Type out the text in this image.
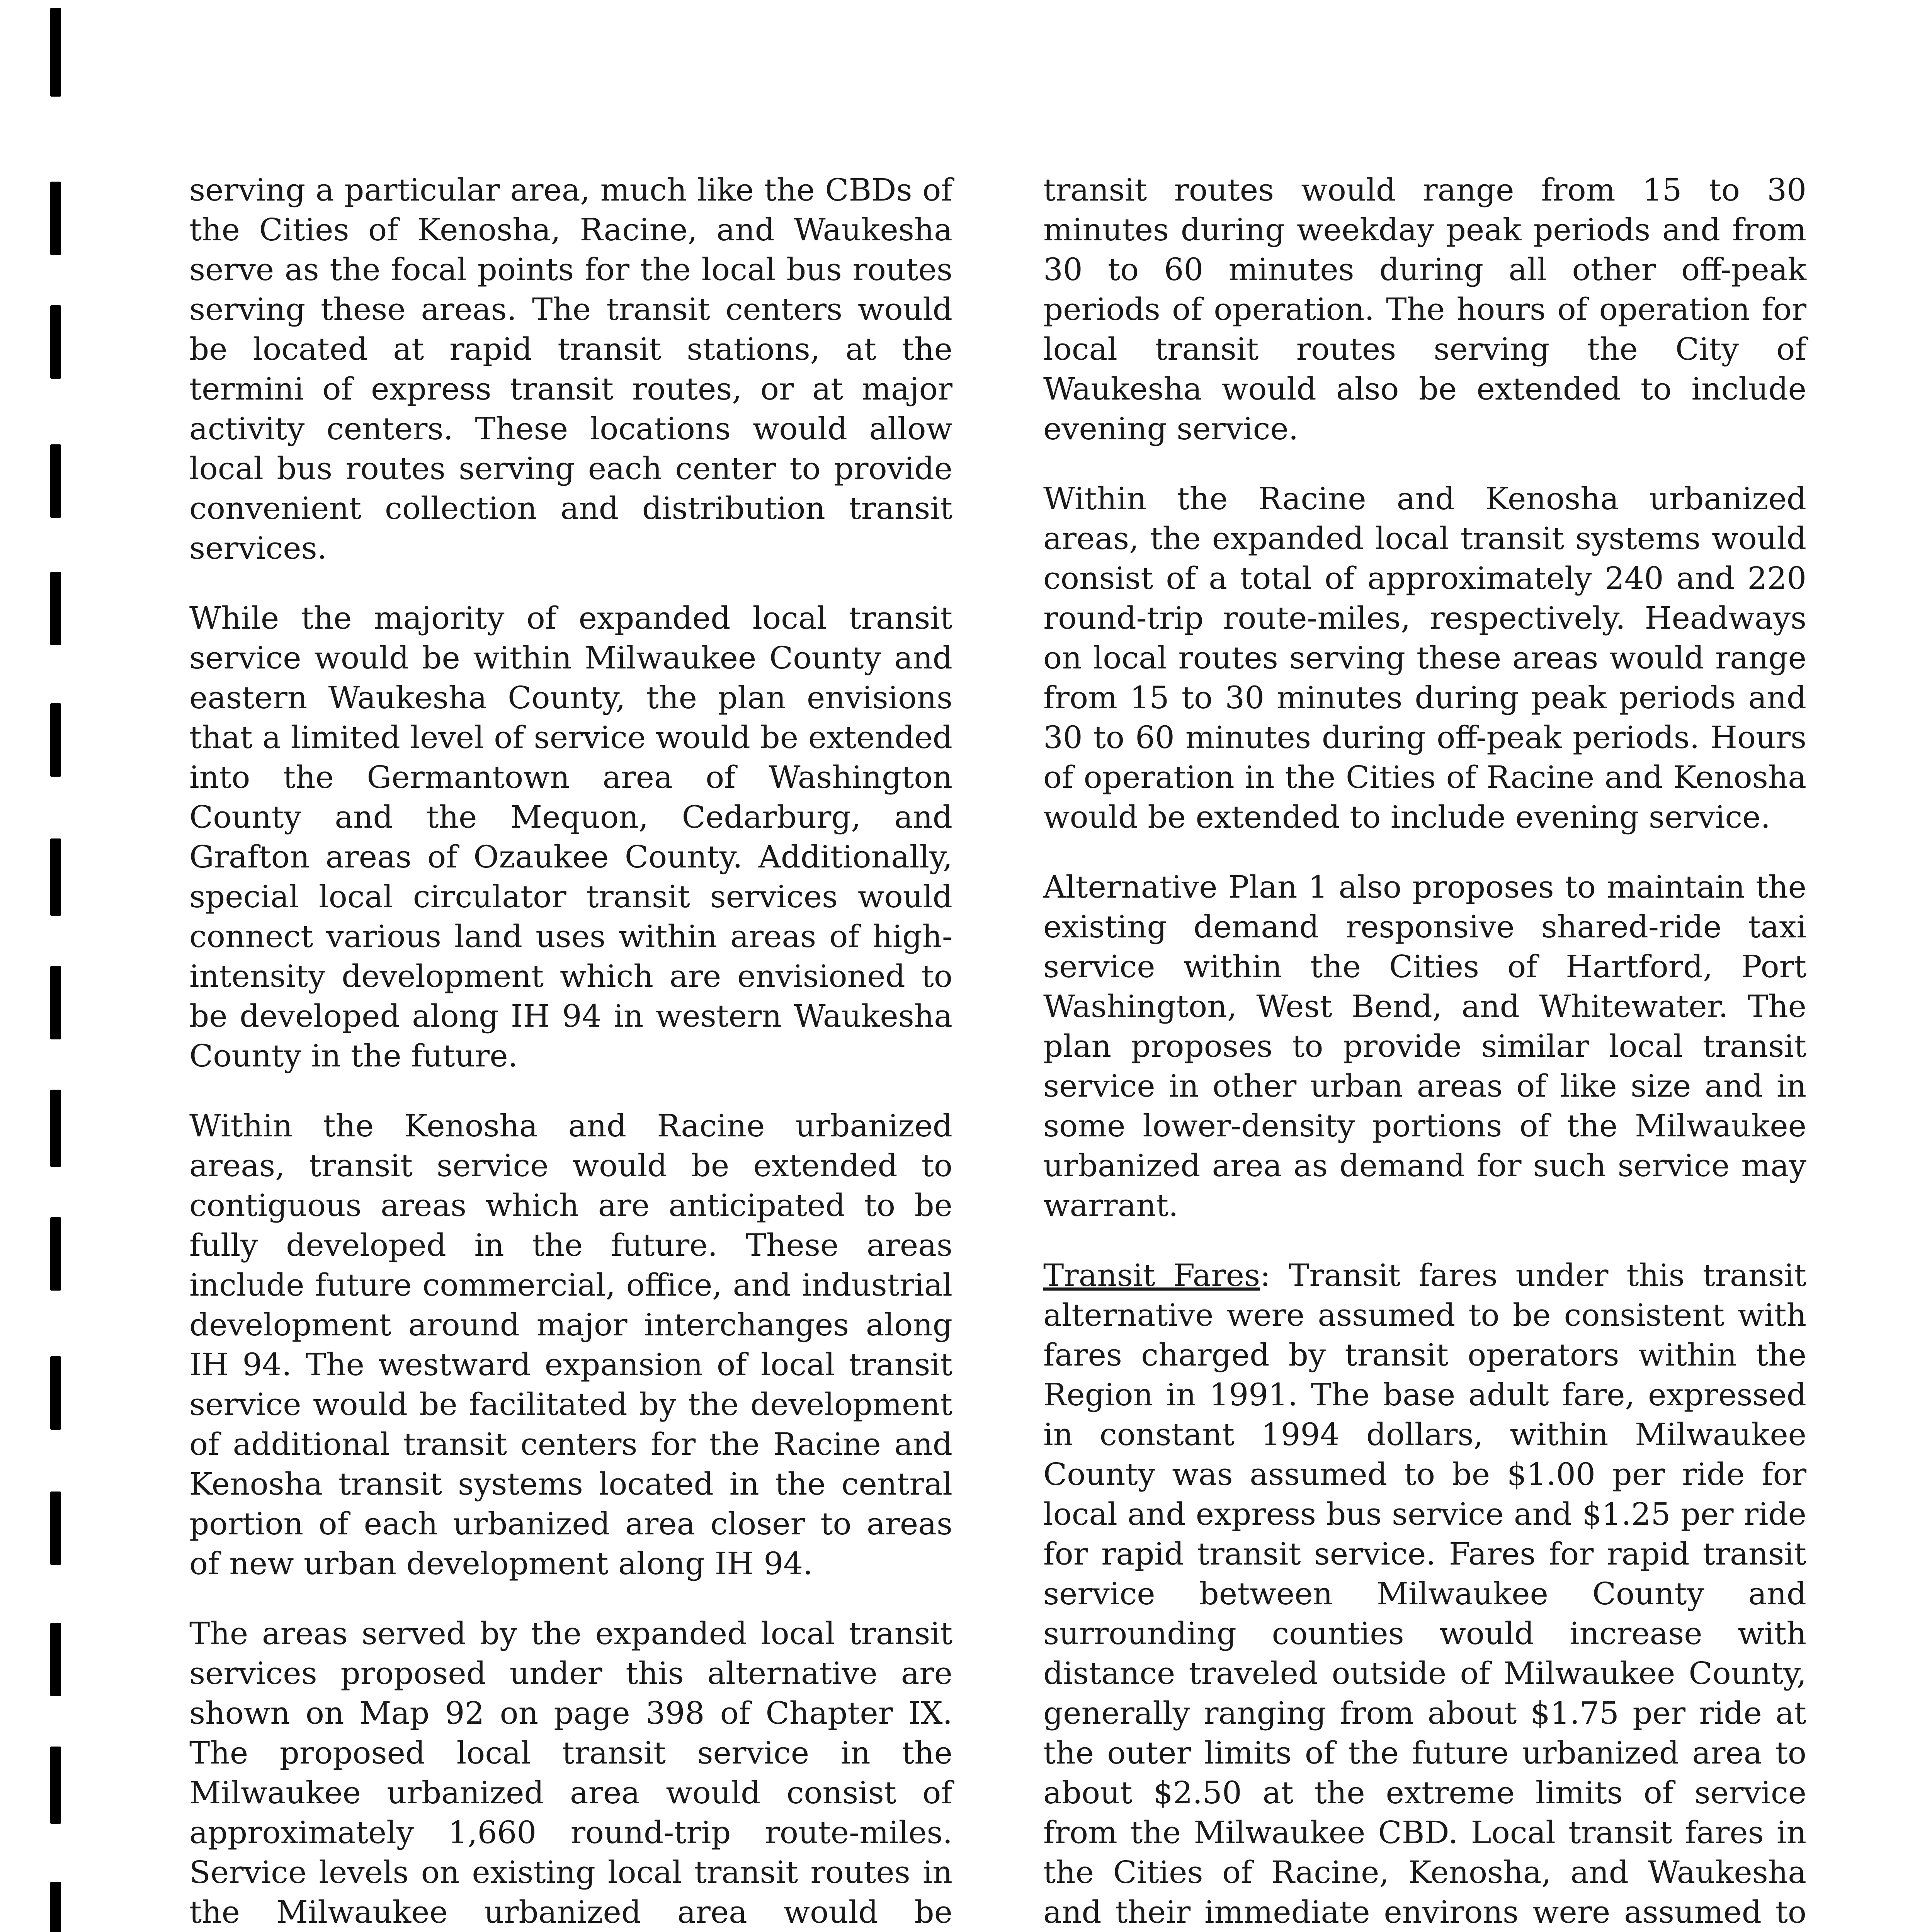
serving a particular area, much like the CBDs of the Cities of Kenosha, Racine, and Waukesha serve as the focal points for the local bus routes serving these areas. The transit centers would be located at rapid transit stations, at the termini of express transit routes, or at major activity centers. These locations would allow local bus routes serving each center to provide convenient collection and distribution transit services.

While the majority of expanded local transit service would be within Milwaukee County and eastern Waukesha County, the plan envisions that a limited level of service would be extended into the Germantown area of Washington County and the Mequon, Cedarburg, and Grafton areas of Ozaukee County. Additionally, special local circulator transit services would connect various land uses within areas of high-intensity development which are envisioned to be developed along IH 94 in western Waukesha County in the future.

Within the Kenosha and Racine urbanized areas, transit service would be extended to contiguous areas which are anticipated to be fully developed in the future. These areas include future commercial, office, and industrial development around major interchanges along IH 94. The westward expansion of local transit service would be facilitated by the development of additional transit centers for the Racine and Kenosha transit systems located in the central portion of each urbanized area closer to areas of new urban development along IH 94.

The areas served by the expanded local transit services proposed under this alternative are shown on Map 92 on page 398 of Chapter IX. The proposed local transit service in the Milwaukee urbanized area would consist of approximately 1,660 round-trip route-miles. Service levels on existing local transit routes in the Milwaukee urbanized area would be

transit routes would range from 15 to 30 minutes during weekday peak periods and from 30 to 60 minutes during all other off-peak periods of operation. The hours of operation for local transit routes serving the City of Waukesha would also be extended to include evening service.

Within the Racine and Kenosha urbanized areas, the expanded local transit systems would consist of a total of approximately 240 and 220 round-trip route-miles, respectively. Headways on local routes serving these areas would range from 15 to 30 minutes during peak periods and 30 to 60 minutes during off-peak periods. Hours of operation in the Cities of Racine and Kenosha would be extended to include evening service.

Alternative Plan 1 also proposes to maintain the existing demand responsive shared-ride taxi service within the Cities of Hartford, Port Washington, West Bend, and Whitewater. The plan proposes to provide similar local transit service in other urban areas of like size and in some lower-density portions of the Milwaukee urbanized area as demand for such service may warrant.

Transit Fares: Transit fares under this transit alternative were assumed to be consistent with fares charged by transit operators within the Region in 1991. The base adult fare, expressed in constant 1994 dollars, within Milwaukee County was assumed to be $1.00 per ride for local and express bus service and $1.25 per ride for rapid transit service. Fares for rapid transit service between Milwaukee County and surrounding counties would increase with distance traveled outside of Milwaukee County, generally ranging from about $1.75 per ride at the outer limits of the future urbanized area to about $2.50 at the extreme limits of service from the Milwaukee CBD. Local transit fares in the Cities of Racine, Kenosha, and Waukesha and their immediate environs were assumed to
